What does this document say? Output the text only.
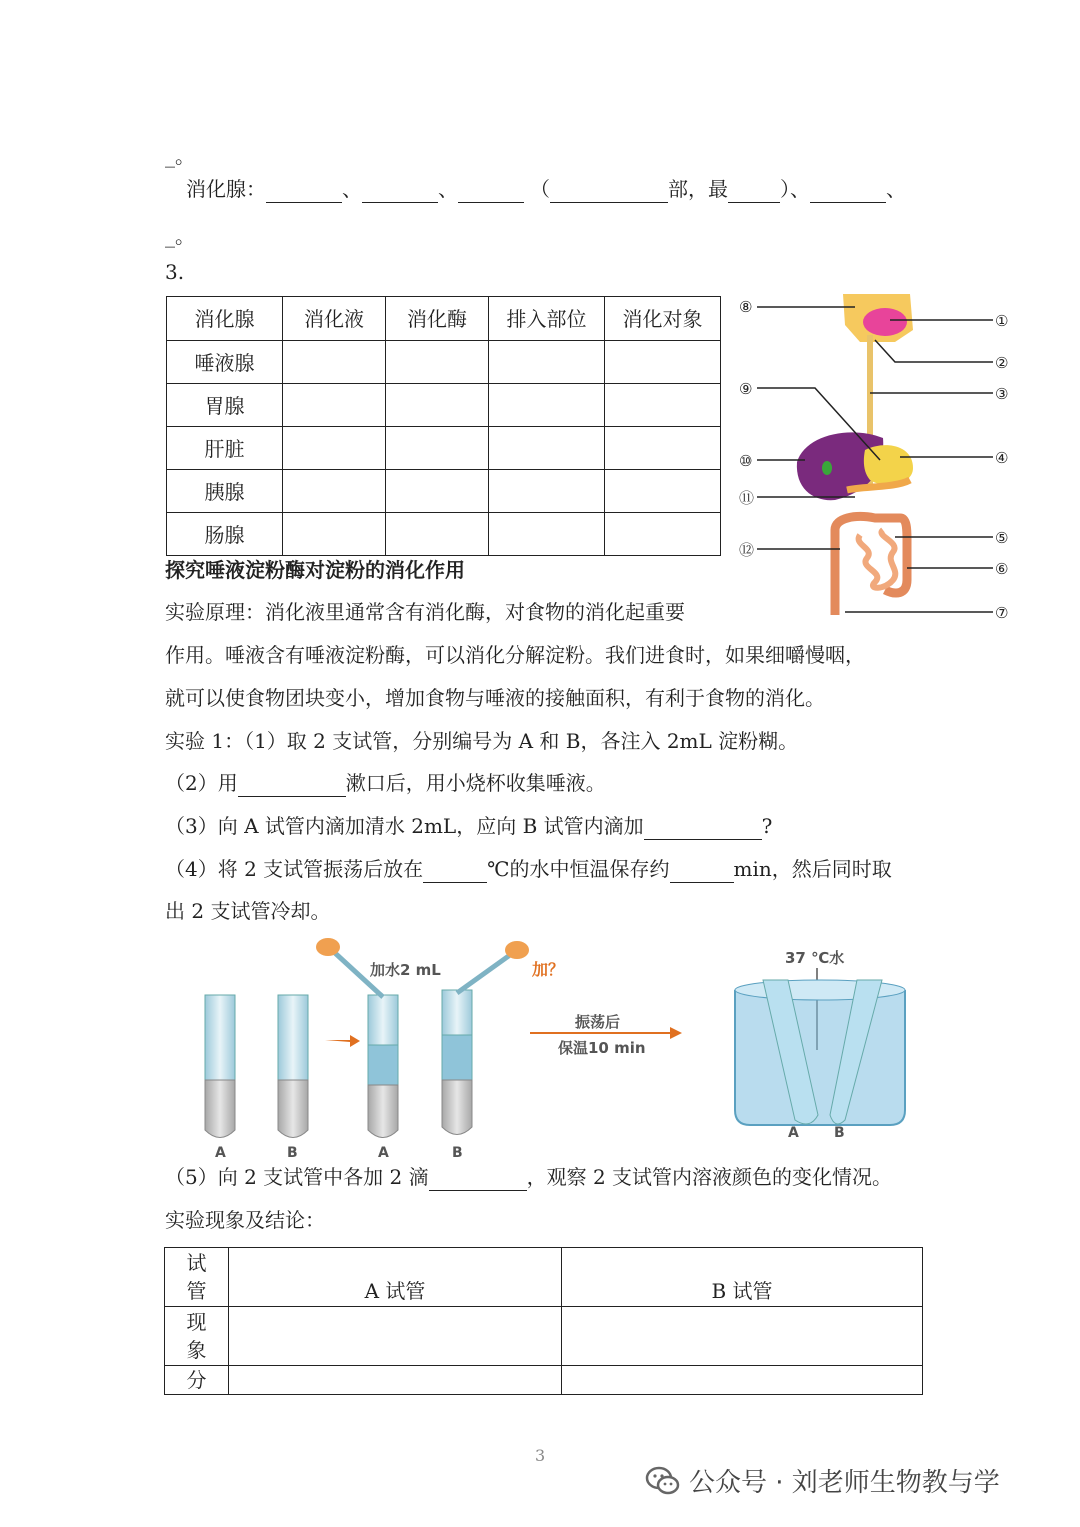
_。
消化腺：	、	、	（	部，最	）、	、
_。
3.
消化腺	消化液	消化酶	排入部位	消化对象
唾液腺				
胃腺				
肝脏				
胰腺				
肠腺				
⑧
①
②
⑨	③
④
⑩
⑪
⑤
⑫
⑥
⑦
探究唾液淀粉酶对淀粉的消化作用
实验原理：消化液里通常含有消化酶，对食物的消化起重要
作用。唾液含有唾液淀粉酶，可以消化分解淀粉。我们进食时，如果细嚼慢咽，
就可以使食物团块变小，增加食物与唾液的接触面积，有利于食物的消化。
实验 1：（1）取 2 支试管，分别编号为 A 和 B，各注入 2mL 淀粉糊。
（2）用	漱口后，用小烧杯收集唾液。
（3）向 A 试管内滴加清水 2mL，应向 B 试管内滴加	?
（4）将 2 支试管振荡后放在	℃的水中恒温保存约	min，然后同时取
出 2 支试管冷却。
加水2 mL	加？
振荡后
保温10 min
37 ℃水
A	B
A	B	A	B
（5）向 2 支试管中各加 2 滴	，观察 2 支试管内溶液颜色的变化情况。
实验现象及结论：
试
管	A 试管	B 试管
现
象		
分		
3
公众号 · 刘老师生物教与学
